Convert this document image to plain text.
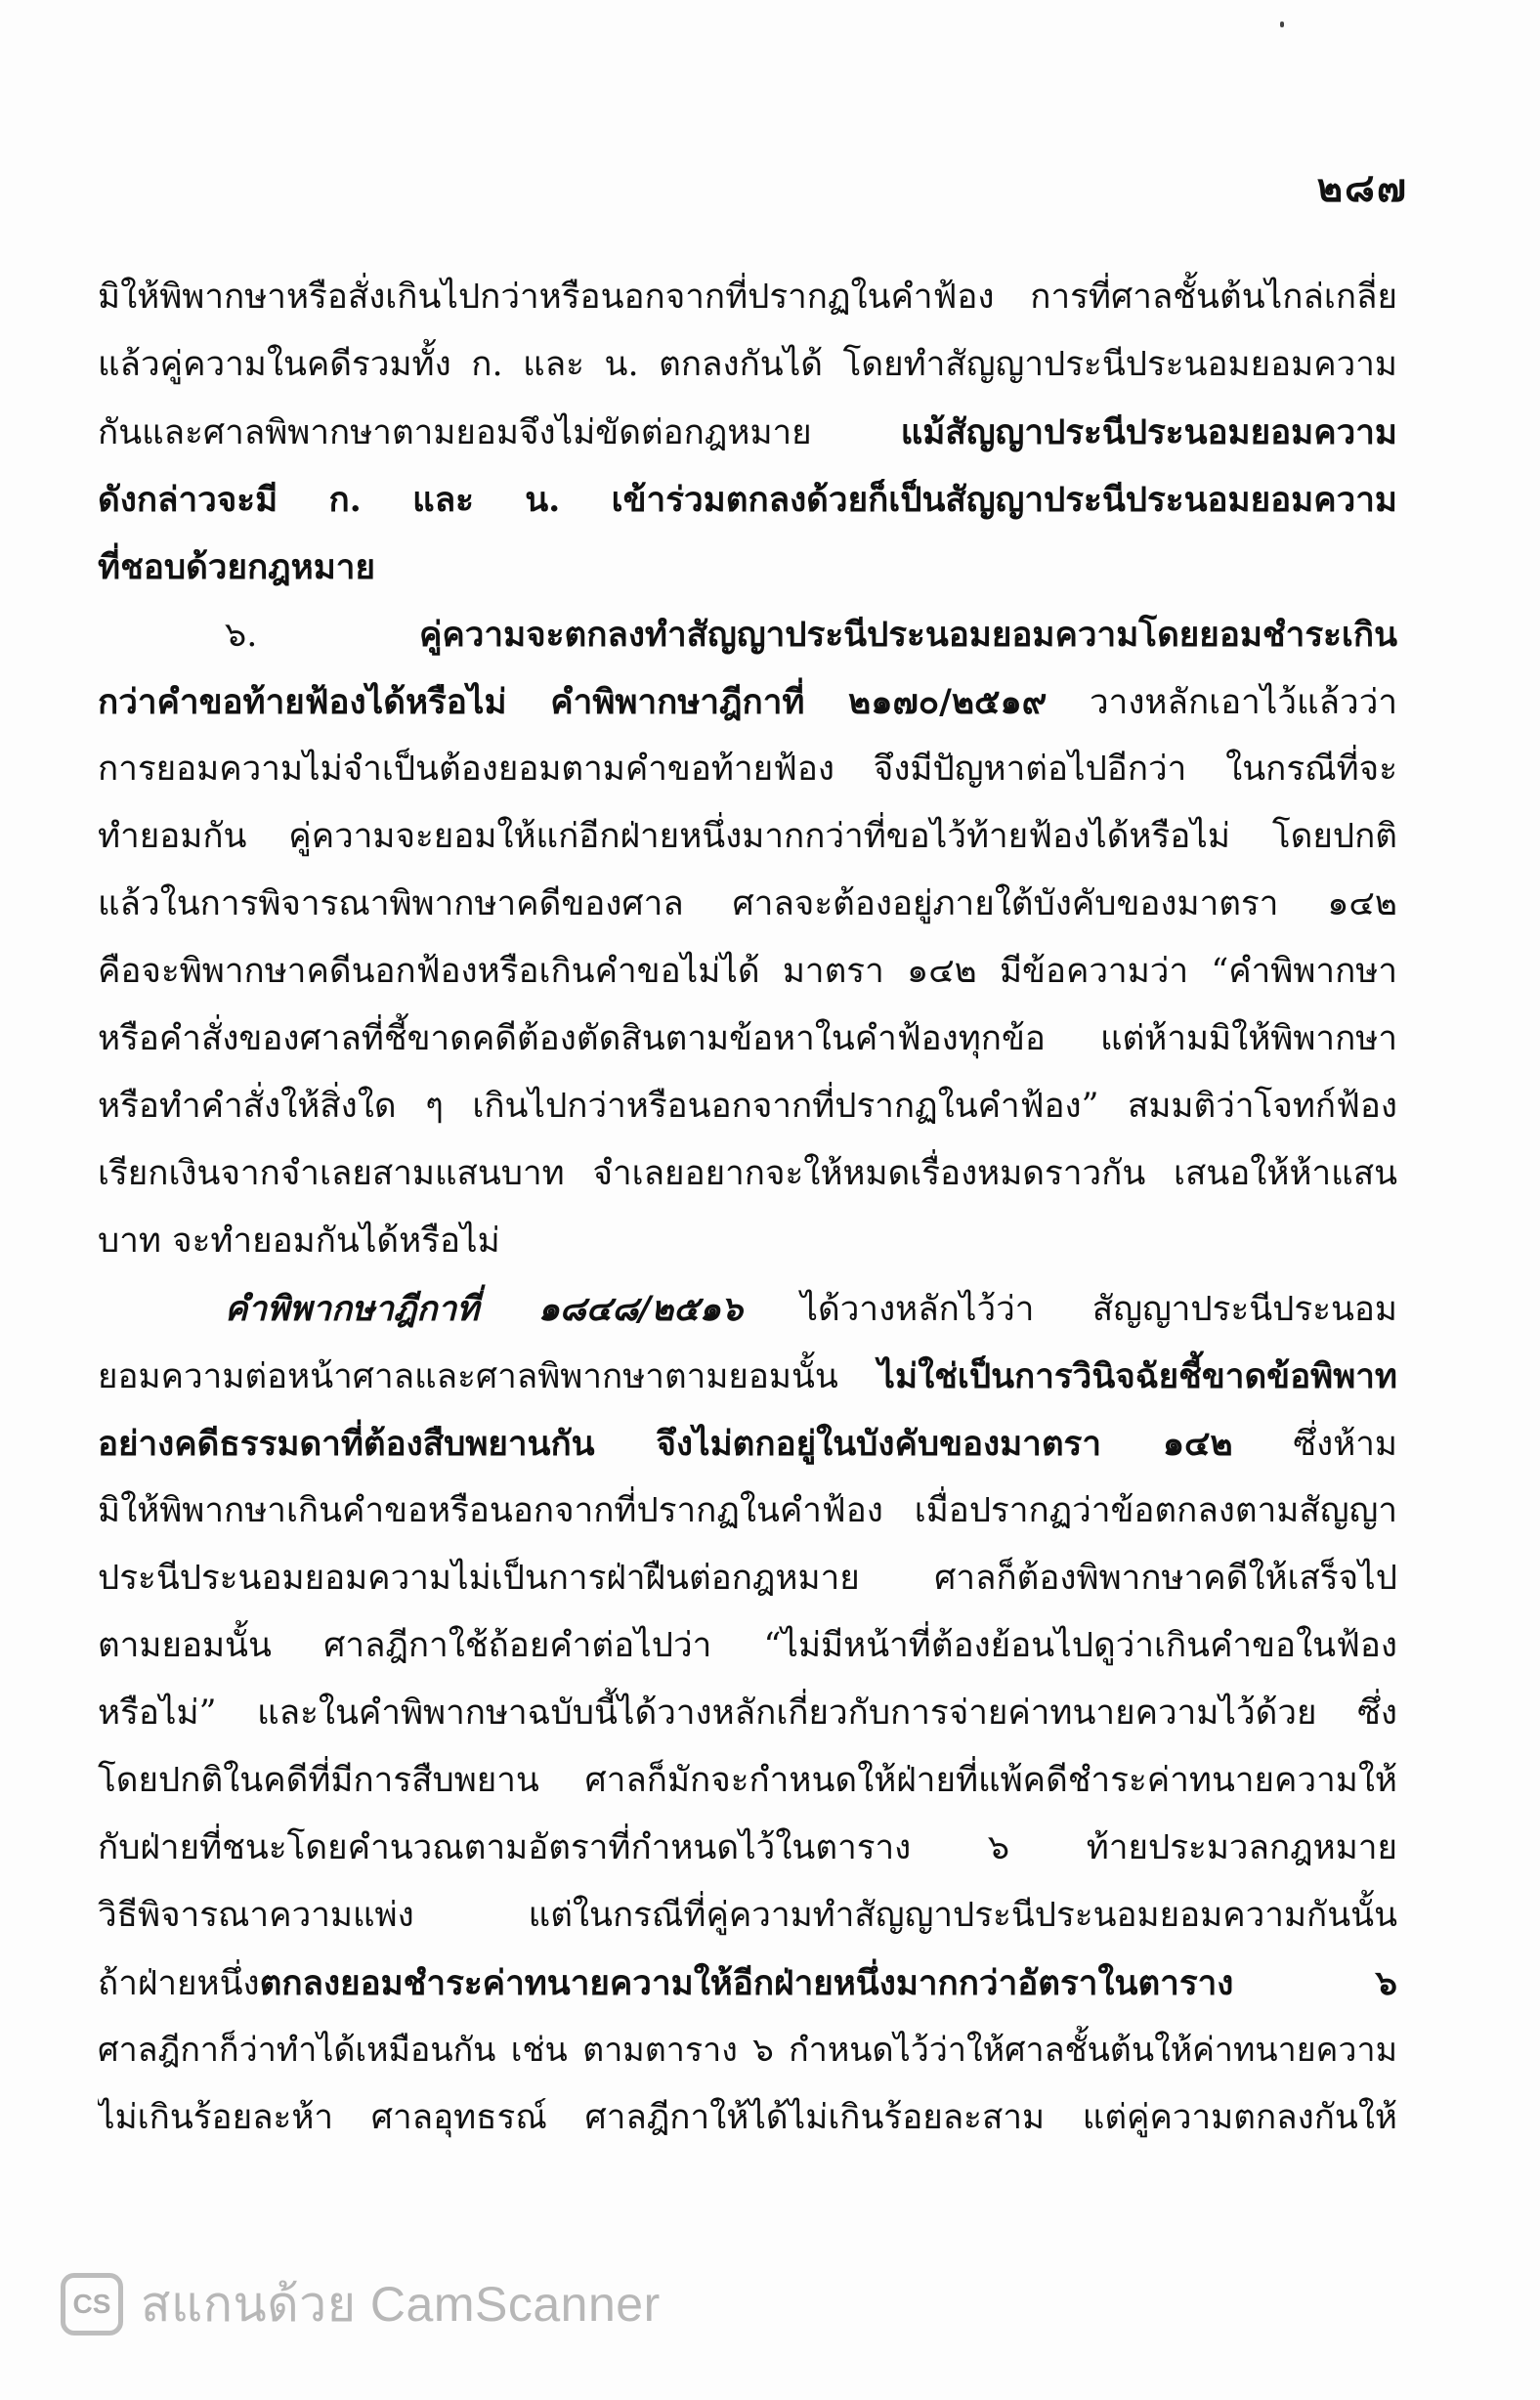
๒๘๗
มิให้พิพากษาหรือสั่งเกินไปกว่าหรือนอกจากที่ปรากฏในคำฟ้อง การที่ศาลชั้นต้นไกล่เกลี่ย
แล้วคู่ความในคดีรวมทั้ง ก. และ น. ตกลงกันได้ โดยทำสัญญาประนีประนอมยอมความ
กันและศาลพิพากษาตามยอมจึงไม่ขัดต่อกฎหมาย แม้สัญญาประนีประนอมยอมความ
ดังกล่าวจะมี ก. และ น. เข้าร่วมตกลงด้วยก็เป็นสัญญาประนีประนอมยอมความ
ที่ชอบด้วยกฎหมาย
๖. คู่ความจะตกลงทำสัญญาประนีประนอมยอมความโดยยอมชำระเกิน
กว่าคำขอท้ายฟ้องได้หรือไม่ คำพิพากษาฎีกาที่ ๒๑๗๐/๒๕๑๙ วางหลักเอาไว้แล้วว่า
การยอมความไม่จำเป็นต้องยอมตามคำขอท้ายฟ้อง จึงมีปัญหาต่อไปอีกว่า ในกรณีที่จะ
ทำยอมกัน คู่ความจะยอมให้แก่อีกฝ่ายหนึ่งมากกว่าที่ขอไว้ท้ายฟ้องได้หรือไม่ โดยปกติ
แล้วในการพิจารณาพิพากษาคดีของศาล ศาลจะต้องอยู่ภายใต้บังคับของมาตรา ๑๔๒
คือจะพิพากษาคดีนอกฟ้องหรือเกินคำขอไม่ได้ มาตรา ๑๔๒ มีข้อความว่า “คำพิพากษา
หรือคำสั่งของศาลที่ชี้ขาดคดีต้องตัดสินตามข้อหาในคำฟ้องทุกข้อ แต่ห้ามมิให้พิพากษา
หรือทำคำสั่งให้สิ่งใด ๆ เกินไปกว่าหรือนอกจากที่ปรากฏในคำฟ้อง” สมมติว่าโจทก์ฟ้อง
เรียกเงินจากจำเลยสามแสนบาท จำเลยอยากจะให้หมดเรื่องหมดราวกัน เสนอให้ห้าแสน
บาท จะทำยอมกันได้หรือไม่
คำพิพากษาฎีกาที่ ๑๘๔๘/๒๕๑๖ ได้วางหลักไว้ว่า สัญญาประนีประนอม
ยอมความต่อหน้าศาลและศาลพิพากษาตามยอมนั้น ไม่ใช่เป็นการวินิจฉัยชี้ขาดข้อพิพาท
อย่างคดีธรรมดาที่ต้องสืบพยานกัน จึงไม่ตกอยู่ในบังคับของมาตรา ๑๔๒ ซึ่งห้าม
มิให้พิพากษาเกินคำขอหรือนอกจากที่ปรากฏในคำฟ้อง เมื่อปรากฏว่าข้อตกลงตามสัญญา
ประนีประนอมยอมความไม่เป็นการฝ่าฝืนต่อกฎหมาย ศาลก็ต้องพิพากษาคดีให้เสร็จไป
ตามยอมนั้น ศาลฎีกาใช้ถ้อยคำต่อไปว่า “ไม่มีหน้าที่ต้องย้อนไปดูว่าเกินคำขอในฟ้อง
หรือไม่” และในคำพิพากษาฉบับนี้ได้วางหลักเกี่ยวกับการจ่ายค่าทนายความไว้ด้วย ซึ่ง
โดยปกติในคดีที่มีการสืบพยาน ศาลก็มักจะกำหนดให้ฝ่ายที่แพ้คดีชำระค่าทนายความให้
กับฝ่ายที่ชนะโดยคำนวณตามอัตราที่กำหนดไว้ในตาราง ๖ ท้ายประมวลกฎหมาย
วิธีพิจารณาความแพ่ง แต่ในกรณีที่คู่ความทำสัญญาประนีประนอมยอมความกันนั้น
ถ้าฝ่ายหนึ่งตกลงยอมชำระค่าทนายความให้อีกฝ่ายหนึ่งมากกว่าอัตราในตาราง ๖
ศาลฎีกาก็ว่าทำได้เหมือนกัน เช่น ตามตาราง ๖ กำหนดไว้ว่าให้ศาลชั้นต้นให้ค่าทนายความ
ไม่เกินร้อยละห้า ศาลอุทธรณ์ ศาลฎีกาให้ได้ไม่เกินร้อยละสาม แต่คู่ความตกลงกันให้
CS สแกนด้วย CamScanner
